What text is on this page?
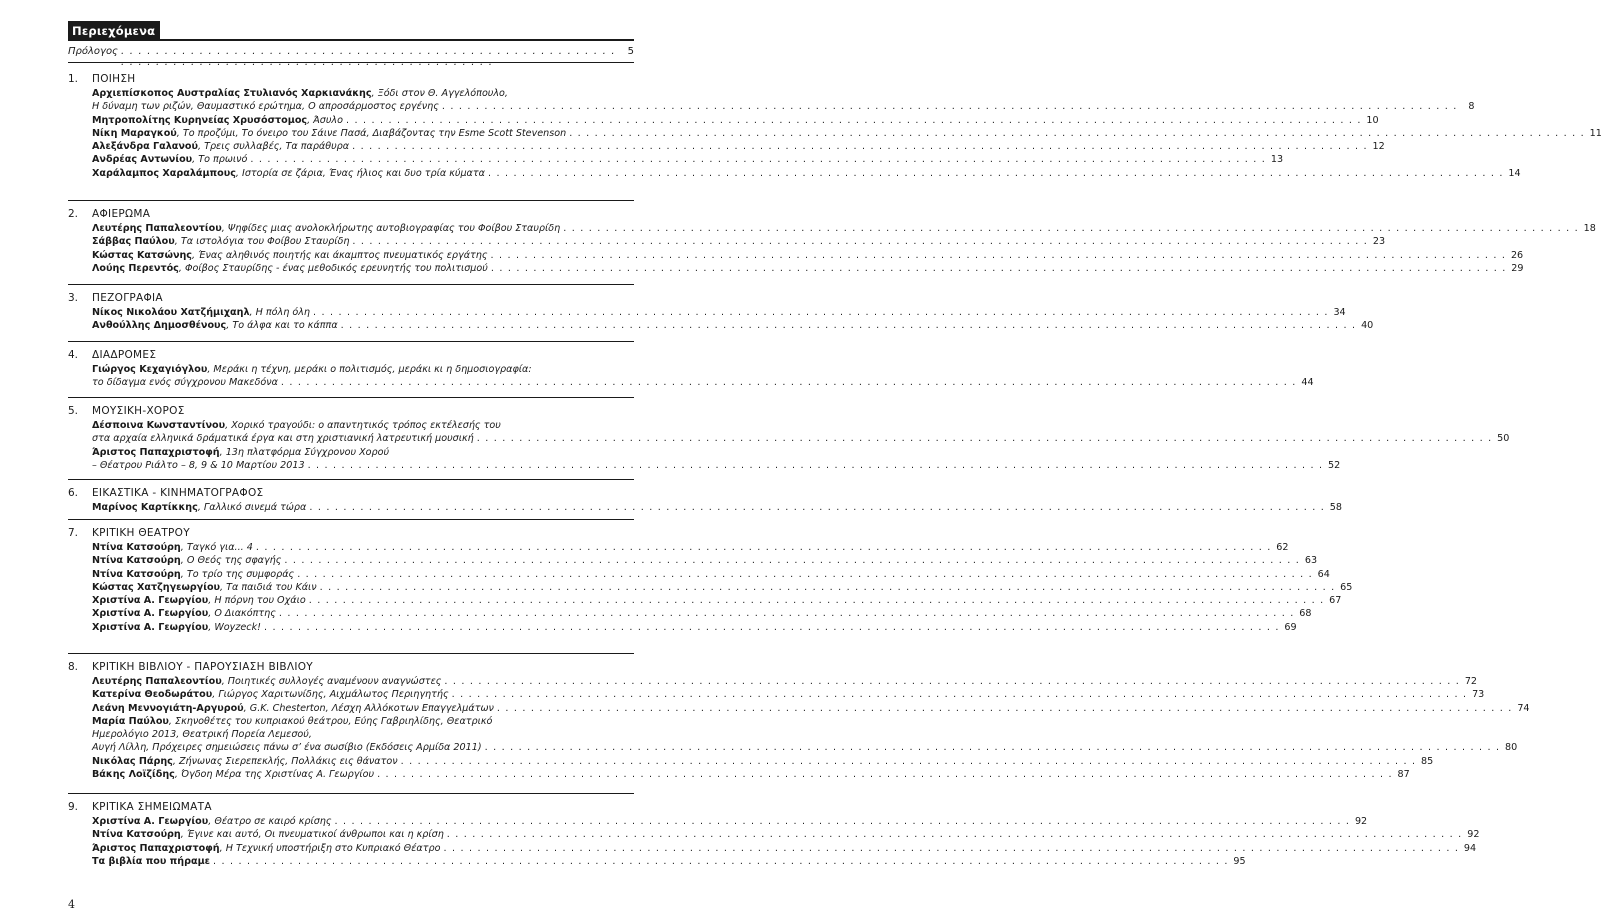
Περιεχόμενα
Πρόλογος . . . . . . . . . . . . . . . . . . . . . . . . . . . . . . . . . . . . . . . . . . . . . . . . . . . . . . . . .	5
1.	ΠΟΙΗΣΗ
Αρχιεπίσκοπος Αυστραλίας Στυλιανός Χαρκιανάκης , Ξόδι στον Θ. Αγγελόπουλο,
Η δύναμη των ριζών, Θαυμαστικό ερώτημα, Ο απροσάρμοστος εργένης . . . . . . . . . . . . . . . . . . . . . . . . . . . . . . . . . . . . . . . . . . . . . . . . . . . . . . . . . . . . . . . . . . . . . . . . . . . . . . . . . . . . . . . . . . . . . . . . . . . . . . . . . . . . . . . . . . . . . . . .	8
Μητροπολίτης Κυρηνείας Χρυσόστομος , Άσυλο . . . . . . . . . . . . . . . . . . . . . . . . . . . . . . . . . . . . . . . . . . . . . . . . . . . . . . . . . . . . . . . . . . . . . . . . . . . . . . . . . . . . . . . . . . . . . . . . . . . . . . . . . . . . . . . . . . . . . . . . 10
Νίκη Μαραγκού , Το προζύμι, Το όνειρο του Σάινε Πασά, Διαβάζοντας την Esme Scott Stevenson . . . . . . . . . . . . . . . . . . . . . . . . . . . . . . . . . . . . . . . . . . . . . . . . . . . . . . . . . . . . . . . . . . . . . . . . . . . . . . . . . . . . . . . . . . . . . . . . . . . . . . . . . . . . . . . . . . . . . . . . 11
Αλεξάνδρα Γαλανού , Τρεις συλλαβές, Τα παράθυρα . . . . . . . . . . . . . . . . . . . . . . . . . . . . . . . . . . . . . . . . . . . . . . . . . . . . . . . . . . . . . . . . . . . . . . . . . . . . . . . . . . . . . . . . . . . . . . . . . . . . . . . . . . . . . . . . . . . . . . . . 12
Ανδρέας Αντωνίου , Το πρωινό . . . . . . . . . . . . . . . . . . . . . . . . . . . . . . . . . . . . . . . . . . . . . . . . . . . . . . . . . . . . . . . . . . . . . . . . . . . . . . . . . . . . . . . . . . . . . . . . . . . . . . . . . . . . . . . . . . . . . . . . 13
Χαράλαμπος Χαραλάμπους , Ιστορία σε ζάρια, Ένας ήλιος και δυο τρία κύματα . . . . . . . . . . . . . . . . . . . . . . . . . . . . . . . . . . . . . . . . . . . . . . . . . . . . . . . . . . . . . . . . . . . . . . . . . . . . . . . . . . . . . . . . . . . . . . . . . . . . . . . . . . . . . . . . . . . . . . . . 14
2.	ΑΦΙΕΡΩΜΑ
Λευτέρης Παπαλεοντίου , Ψηφίδες μιας ανολοκλήρωτης αυτοβιογραφίας του Φοίβου Σταυρίδη . . . . . . . . . . . . . . . . . . . . . . . . . . . . . . . . . . . . . . . . . . . . . . . . . . . . . . . . . . . . . . . . . . . . . . . . . . . . . . . . . . . . . . . . . . . . . . . . . . . . . . . . . . . . . . . . . . . . . . . . 18
Σάββας Παύλου , Τα ιστολόγια του Φοίβου Σταυρίδη . . . . . . . . . . . . . . . . . . . . . . . . . . . . . . . . . . . . . . . . . . . . . . . . . . . . . . . . . . . . . . . . . . . . . . . . . . . . . . . . . . . . . . . . . . . . . . . . . . . . . . . . . . . . . . . . . . . . . . . . 23
Κώστας Κατσώνης , Ένας αληθινός ποιητής και άκαμπτος πνευματικός εργάτης . . . . . . . . . . . . . . . . . . . . . . . . . . . . . . . . . . . . . . . . . . . . . . . . . . . . . . . . . . . . . . . . . . . . . . . . . . . . . . . . . . . . . . . . . . . . . . . . . . . . . . . . . . . . . . . . . . . . . . . . 26
Λούης Περεντός , Φοίβος Σταυρίδης - ένας μεθοδικός ερευνητής του πολιτισμού . . . . . . . . . . . . . . . . . . . . . . . . . . . . . . . . . . . . . . . . . . . . . . . . . . . . . . . . . . . . . . . . . . . . . . . . . . . . . . . . . . . . . . . . . . . . . . . . . . . . . . . . . . . . . . . . . . . . . . . . 29
3.	ΠΕΖΟΓΡΑΦΙΑ
Νίκος Νικολάου Χατζήμιχαηλ , Η πόλη όλη . . . . . . . . . . . . . . . . . . . . . . . . . . . . . . . . . . . . . . . . . . . . . . . . . . . . . . . . . . . . . . . . . . . . . . . . . . . . . . . . . . . . . . . . . . . . . . . . . . . . . . . . . . . . . . . . . . . . . . . . 34
Ανθούλλης Δημοσθένους , Το άλφα και το κάππα . . . . . . . . . . . . . . . . . . . . . . . . . . . . . . . . . . . . . . . . . . . . . . . . . . . . . . . . . . . . . . . . . . . . . . . . . . . . . . . . . . . . . . . . . . . . . . . . . . . . . . . . . . . . . . . . . . . . . . . . 40
4.	ΔΙΑΔΡΟΜΕΣ
Γιώργος Κεχαγιόγλου , Μεράκι η τέχνη, μεράκι ο πολιτισμός, μεράκι κι η δημοσιογραφία:
το δίδαγμα ενός σύγχρονου Μακεδόνα . . . . . . . . . . . . . . . . . . . . . . . . . . . . . . . . . . . . . . . . . . . . . . . . . . . . . . . . . . . . . . . . . . . . . . . . . . . . . . . . . . . . . . . . . . . . . . . . . . . . . . . . . . . . . . . . . . . . . . . . 44
5.	ΜΟΥΣΙΚΗ-ΧΟΡΟΣ
Δέσποινα Κωνσταντίνου , Χορικό τραγούδι: ο απαντητικός τρόπος εκτέλεσής του
στα αρχαία ελληνικά δράματικά έργα και στη χριστιανική λατρευτική μουσική . . . . . . . . . . . . . . . . . . . . . . . . . . . . . . . . . . . . . . . . . . . . . . . . . . . . . . . . . . . . . . . . . . . . . . . . . . . . . . . . . . . . . . . . . . . . . . . . . . . . . . . . . . . . . . . . . . . . . . . . 50
Άριστος Παπαχριστοφή , 13η πλατφόρμα Σύγχρονου Χορού
– Θέατρου Ριάλτο – 8, 9 & 10 Μαρτίου 2013 . . . . . . . . . . . . . . . . . . . . . . . . . . . . . . . . . . . . . . . . . . . . . . . . . . . . . . . . . . . . . . . . . . . . . . . . . . . . . . . . . . . . . . . . . . . . . . . . . . . . . . . . . . . . . . . . . . . . . . . . 52
6.	ΕΙΚΑΣΤΙΚΑ - ΚΙΝΗΜΑΤΟΓΡΑΦΟΣ
Μαρίνος Καρτίκκης , Γαλλικό σινεμά τώρα . . . . . . . . . . . . . . . . . . . . . . . . . . . . . . . . . . . . . . . . . . . . . . . . . . . . . . . . . . . . . . . . . . . . . . . . . . . . . . . . . . . . . . . . . . . . . . . . . . . . . . . . . . . . . . . . . . . . . . . . 58
7.	ΚΡΙΤΙΚΗ ΘΕΑΤΡΟΥ
Ντίνα Κατσούρη , Ταγκό για... 4 . . . . . . . . . . . . . . . . . . . . . . . . . . . . . . . . . . . . . . . . . . . . . . . . . . . . . . . . . . . . . . . . . . . . . . . . . . . . . . . . . . . . . . . . . . . . . . . . . . . . . . . . . . . . . . . . . . . . . . . . 62
Ντίνα Κατσούρη , Ο Θεός της σφαγής . . . . . . . . . . . . . . . . . . . . . . . . . . . . . . . . . . . . . . . . . . . . . . . . . . . . . . . . . . . . . . . . . . . . . . . . . . . . . . . . . . . . . . . . . . . . . . . . . . . . . . . . . . . . . . . . . . . . . . . . 63
Ντίνα Κατσούρη , Το τρίο της συμφοράς . . . . . . . . . . . . . . . . . . . . . . . . . . . . . . . . . . . . . . . . . . . . . . . . . . . . . . . . . . . . . . . . . . . . . . . . . . . . . . . . . . . . . . . . . . . . . . . . . . . . . . . . . . . . . . . . . . . . . . . . 64
Κώστας Χατζηγεωργίου , Τα παιδιά του Κάιν . . . . . . . . . . . . . . . . . . . . . . . . . . . . . . . . . . . . . . . . . . . . . . . . . . . . . . . . . . . . . . . . . . . . . . . . . . . . . . . . . . . . . . . . . . . . . . . . . . . . . . . . . . . . . . . . . . . . . . . . 65
Χριστίνα Α. Γεωργίου , Η πόρνη του Οχάιο . . . . . . . . . . . . . . . . . . . . . . . . . . . . . . . . . . . . . . . . . . . . . . . . . . . . . . . . . . . . . . . . . . . . . . . . . . . . . . . . . . . . . . . . . . . . . . . . . . . . . . . . . . . . . . . . . . . . . . . . 67
Χριστίνα Α. Γεωργίου , Ο Διακόπτης . . . . . . . . . . . . . . . . . . . . . . . . . . . . . . . . . . . . . . . . . . . . . . . . . . . . . . . . . . . . . . . . . . . . . . . . . . . . . . . . . . . . . . . . . . . . . . . . . . . . . . . . . . . . . . . . . . . . . . . . 68
Χριστίνα Α. Γεωργίου , Woyzeck! . . . . . . . . . . . . . . . . . . . . . . . . . . . . . . . . . . . . . . . . . . . . . . . . . . . . . . . . . . . . . . . . . . . . . . . . . . . . . . . . . . . . . . . . . . . . . . . . . . . . . . . . . . . . . . . . . . . . . . . . 69
8.	ΚΡΙΤΙΚΗ ΒΙΒΛΙΟΥ - ΠΑΡΟΥΣΙΑΣΗ ΒΙΒΛΙΟΥ
Λευτέρης Παπαλεοντίου , Ποιητικές συλλογές αναμένουν αναγνώστες . . . . . . . . . . . . . . . . . . . . . . . . . . . . . . . . . . . . . . . . . . . . . . . . . . . . . . . . . . . . . . . . . . . . . . . . . . . . . . . . . . . . . . . . . . . . . . . . . . . . . . . . . . . . . . . . . . . . . . . . 72
Κατερίνα Θεοδωράτου , Γιώργος Χαριτωνίδης, Αιχμάλωτος Περιηγητής . . . . . . . . . . . . . . . . . . . . . . . . . . . . . . . . . . . . . . . . . . . . . . . . . . . . . . . . . . . . . . . . . . . . . . . . . . . . . . . . . . . . . . . . . . . . . . . . . . . . . . . . . . . . . . . . . . . . . . . . 73
Λεάνη Μεννογιάτη-Αργυρού , G.K. Chesterton, Λέσχη Αλλόκοτων Επαγγελμάτων . . . . . . . . . . . . . . . . . . . . . . . . . . . . . . . . . . . . . . . . . . . . . . . . . . . . . . . . . . . . . . . . . . . . . . . . . . . . . . . . . . . . . . . . . . . . . . . . . . . . . . . . . . . . . . . . . . . . . . . . 74
Μαρία Παύλου , Σκηνοθέτες του κυπριακού θεάτρου, Εύης Γαβριηλίδης, Θεατρικό
Ημερολόγιο 2013, Θεατρική Πορεία Λεμεσού,
Αυγή Λίλλη, Πρόχειρες σημειώσεις πάνω σ’ ένα σωσίβιο (Εκδόσεις Αρμίδα 2011) . . . . . . . . . . . . . . . . . . . . . . . . . . . . . . . . . . . . . . . . . . . . . . . . . . . . . . . . . . . . . . . . . . . . . . . . . . . . . . . . . . . . . . . . . . . . . . . . . . . . . . . . . . . . . . . . . . . . . . . . 80
Νικόλας Πάρης , Ζήνωνας Σιερεπεκλής, Πολλάκις εις θάνατον . . . . . . . . . . . . . . . . . . . . . . . . . . . . . . . . . . . . . . . . . . . . . . . . . . . . . . . . . . . . . . . . . . . . . . . . . . . . . . . . . . . . . . . . . . . . . . . . . . . . . . . . . . . . . . . . . . . . . . . . 85
Βάκης Λοϊζίδης , Όγδοη Μέρα της Χριστίνας Α. Γεωργίου . . . . . . . . . . . . . . . . . . . . . . . . . . . . . . . . . . . . . . . . . . . . . . . . . . . . . . . . . . . . . . . . . . . . . . . . . . . . . . . . . . . . . . . . . . . . . . . . . . . . . . . . . . . . . . . . . . . . . . . . 87
9.	ΚΡΙΤΙΚΑ ΣΗΜΕΙΩΜΑΤΑ
Χριστίνα Α. Γεωργίου , Θέατρο σε καιρό κρίσης . . . . . . . . . . . . . . . . . . . . . . . . . . . . . . . . . . . . . . . . . . . . . . . . . . . . . . . . . . . . . . . . . . . . . . . . . . . . . . . . . . . . . . . . . . . . . . . . . . . . . . . . . . . . . . . . . . . . . . . . 92
Ντίνα Κατσούρη , Έγινε και αυτό, Οι πνευματικοί άνθρωποι και η κρίση . . . . . . . . . . . . . . . . . . . . . . . . . . . . . . . . . . . . . . . . . . . . . . . . . . . . . . . . . . . . . . . . . . . . . . . . . . . . . . . . . . . . . . . . . . . . . . . . . . . . . . . . . . . . . . . . . . . . . . . . 92
Άριστος Παπαχριστοφή , Η Τεχνική υποστήριξη στο Κυπριακό Θέατρο . . . . . . . . . . . . . . . . . . . . . . . . . . . . . . . . . . . . . . . . . . . . . . . . . . . . . . . . . . . . . . . . . . . . . . . . . . . . . . . . . . . . . . . . . . . . . . . . . . . . . . . . . . . . . . . . . . . . . . . . 94
Τα βιβλία που πήραμε . . . . . . . . . . . . . . . . . . . . . . . . . . . . . . . . . . . . . . . . . . . . . . . . . . . . . . . . . . . . . . . . . . . . . . . . . . . . . . . . . . . . . . . . . . . . . . . . . . . . . . . . . . . . . . . . . . . . . . . . 95
4
